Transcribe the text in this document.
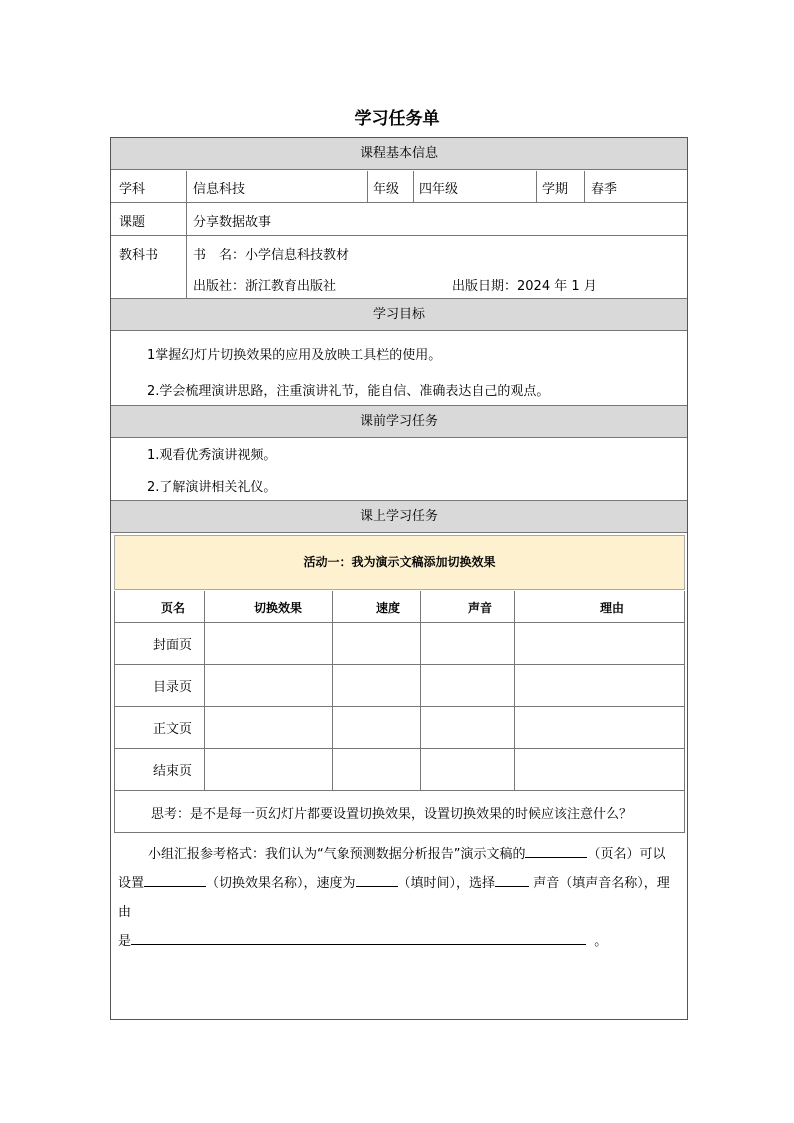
学习任务单
课程基本信息
学科	信息科技	年级 四年级	学期 春季
课题	分享数据故事
教科书	书　名：小学信息科技教材
出版社：浙江教育出版社	出版日期：2024 年 1 月
学习目标
1掌握幻灯片切换效果的应用及放映工具栏的使用。
2.学会梳理演讲思路，注重演讲礼节，能自信、准确表达自己的观点。
课前学习任务
1.观看优秀演讲视频。
2.了解演讲相关礼仪。
课上学习任务
活动一：我为演示文稿添加切换效果
页名	切换效果	速度	声音	理由
封面页
目录页
正文页
结束页
思考：是不是每一页幻灯片都要设置切换效果，设置切换效果的时候应该注意什么？
小组汇报参考格式：我们认为“气象预测数据分析报告”演示文稿的	（页名）可以设置	（切换效果名称），速度为	（填时间），选择	声音（填声音名称），理由
是	。
